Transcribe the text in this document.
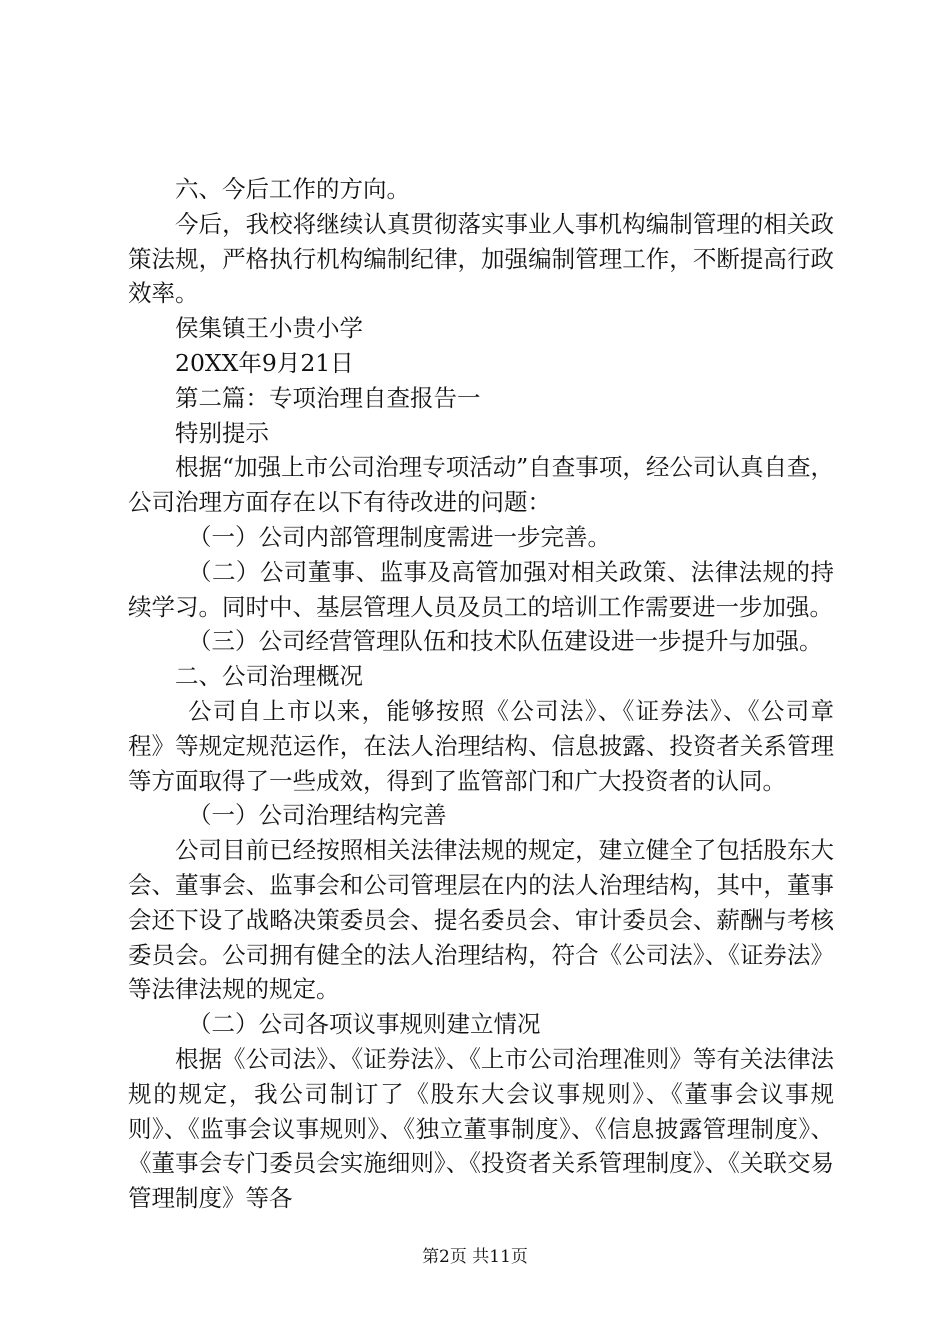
六、今后工作的方向。

今后，我校将继续认真贯彻落实事业人事机构编制管理的相关政策法规，严格执行机构编制纪律，加强编制管理工作，不断提高行政效率。

侯集镇王小贵小学

20XX年9月21日

第二篇：专项治理自查报告一

特别提示

根据“加强上市公司治理专项活动”自查事项，经公司认真自查，公司治理方面存在以下有待改进的问题：

（一）公司内部管理制度需进一步完善。

（二）公司董事、监事及高管加强对相关政策、法律法规的持续学习。同时中、基层管理人员及员工的培训工作需要进一步加强。

（三）公司经营管理队伍和技术队伍建设进一步提升与加强。

二、公司治理概况

公司自上市以来，能够按照《公司法》、《证券法》、《公司章程》等规定规范运作，在法人治理结构、信息披露、投资者关系管理等方面取得了一些成效，得到了监管部门和广大投资者的认同。

（一）公司治理结构完善

公司目前已经按照相关法律法规的规定，建立健全了包括股东大会、董事会、监事会和公司管理层在内的法人治理结构，其中，董事会还下设了战略决策委员会、提名委员会、审计委员会、薪酬与考核委员会。公司拥有健全的法人治理结构，符合《公司法》、《证券法》等法律法规的规定。

（二）公司各项议事规则建立情况

根据《公司法》、《证券法》、《上市公司治理准则》等有关法律法规的规定，我公司制订了《股东大会议事规则》、《董事会议事规则》、《监事会议事规则》、《独立董事制度》、《信息披露管理制度》、《董事会专门委员会实施细则》、《投资者关系管理制度》、《关联交易管理制度》等各

第2页 共11页
